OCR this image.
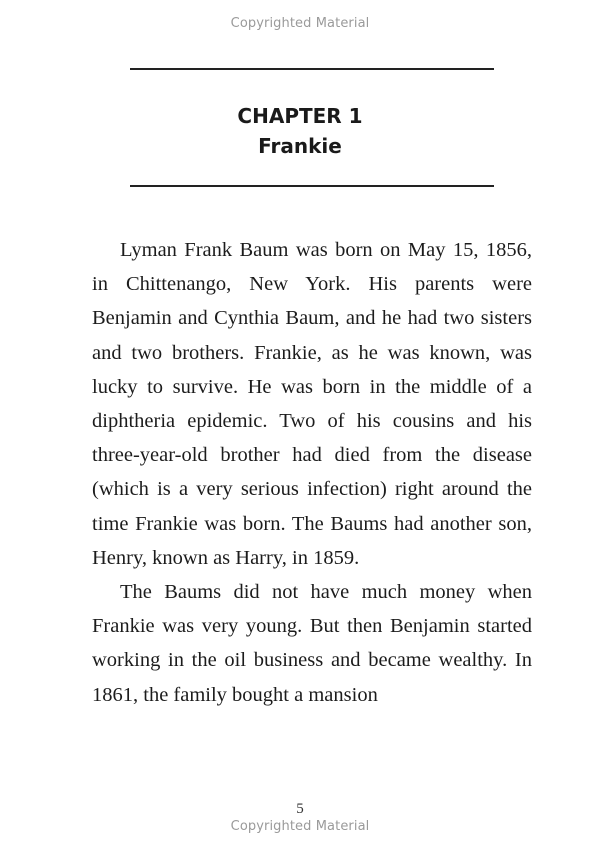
Copyrighted Material
CHAPTER 1
Frankie

Lyman Frank Baum was born on May 15, 1856, in Chittenango, New York. His parents were Benjamin and Cynthia Baum, and he had two sisters and two brothers. Frankie, as he was known, was lucky to survive. He was born in the middle of a diphtheria epidemic. Two of his cousins and his three-year-old brother had died from the disease (which is a very serious infection) right around the time Frankie was born. The Baums had another son, Henry, known as Harry, in 1859.

The Baums did not have much money when Frankie was very young. But then Benjamin started working in the oil business and became wealthy. In 1861, the family bought a mansion

5
Copyrighted Material
